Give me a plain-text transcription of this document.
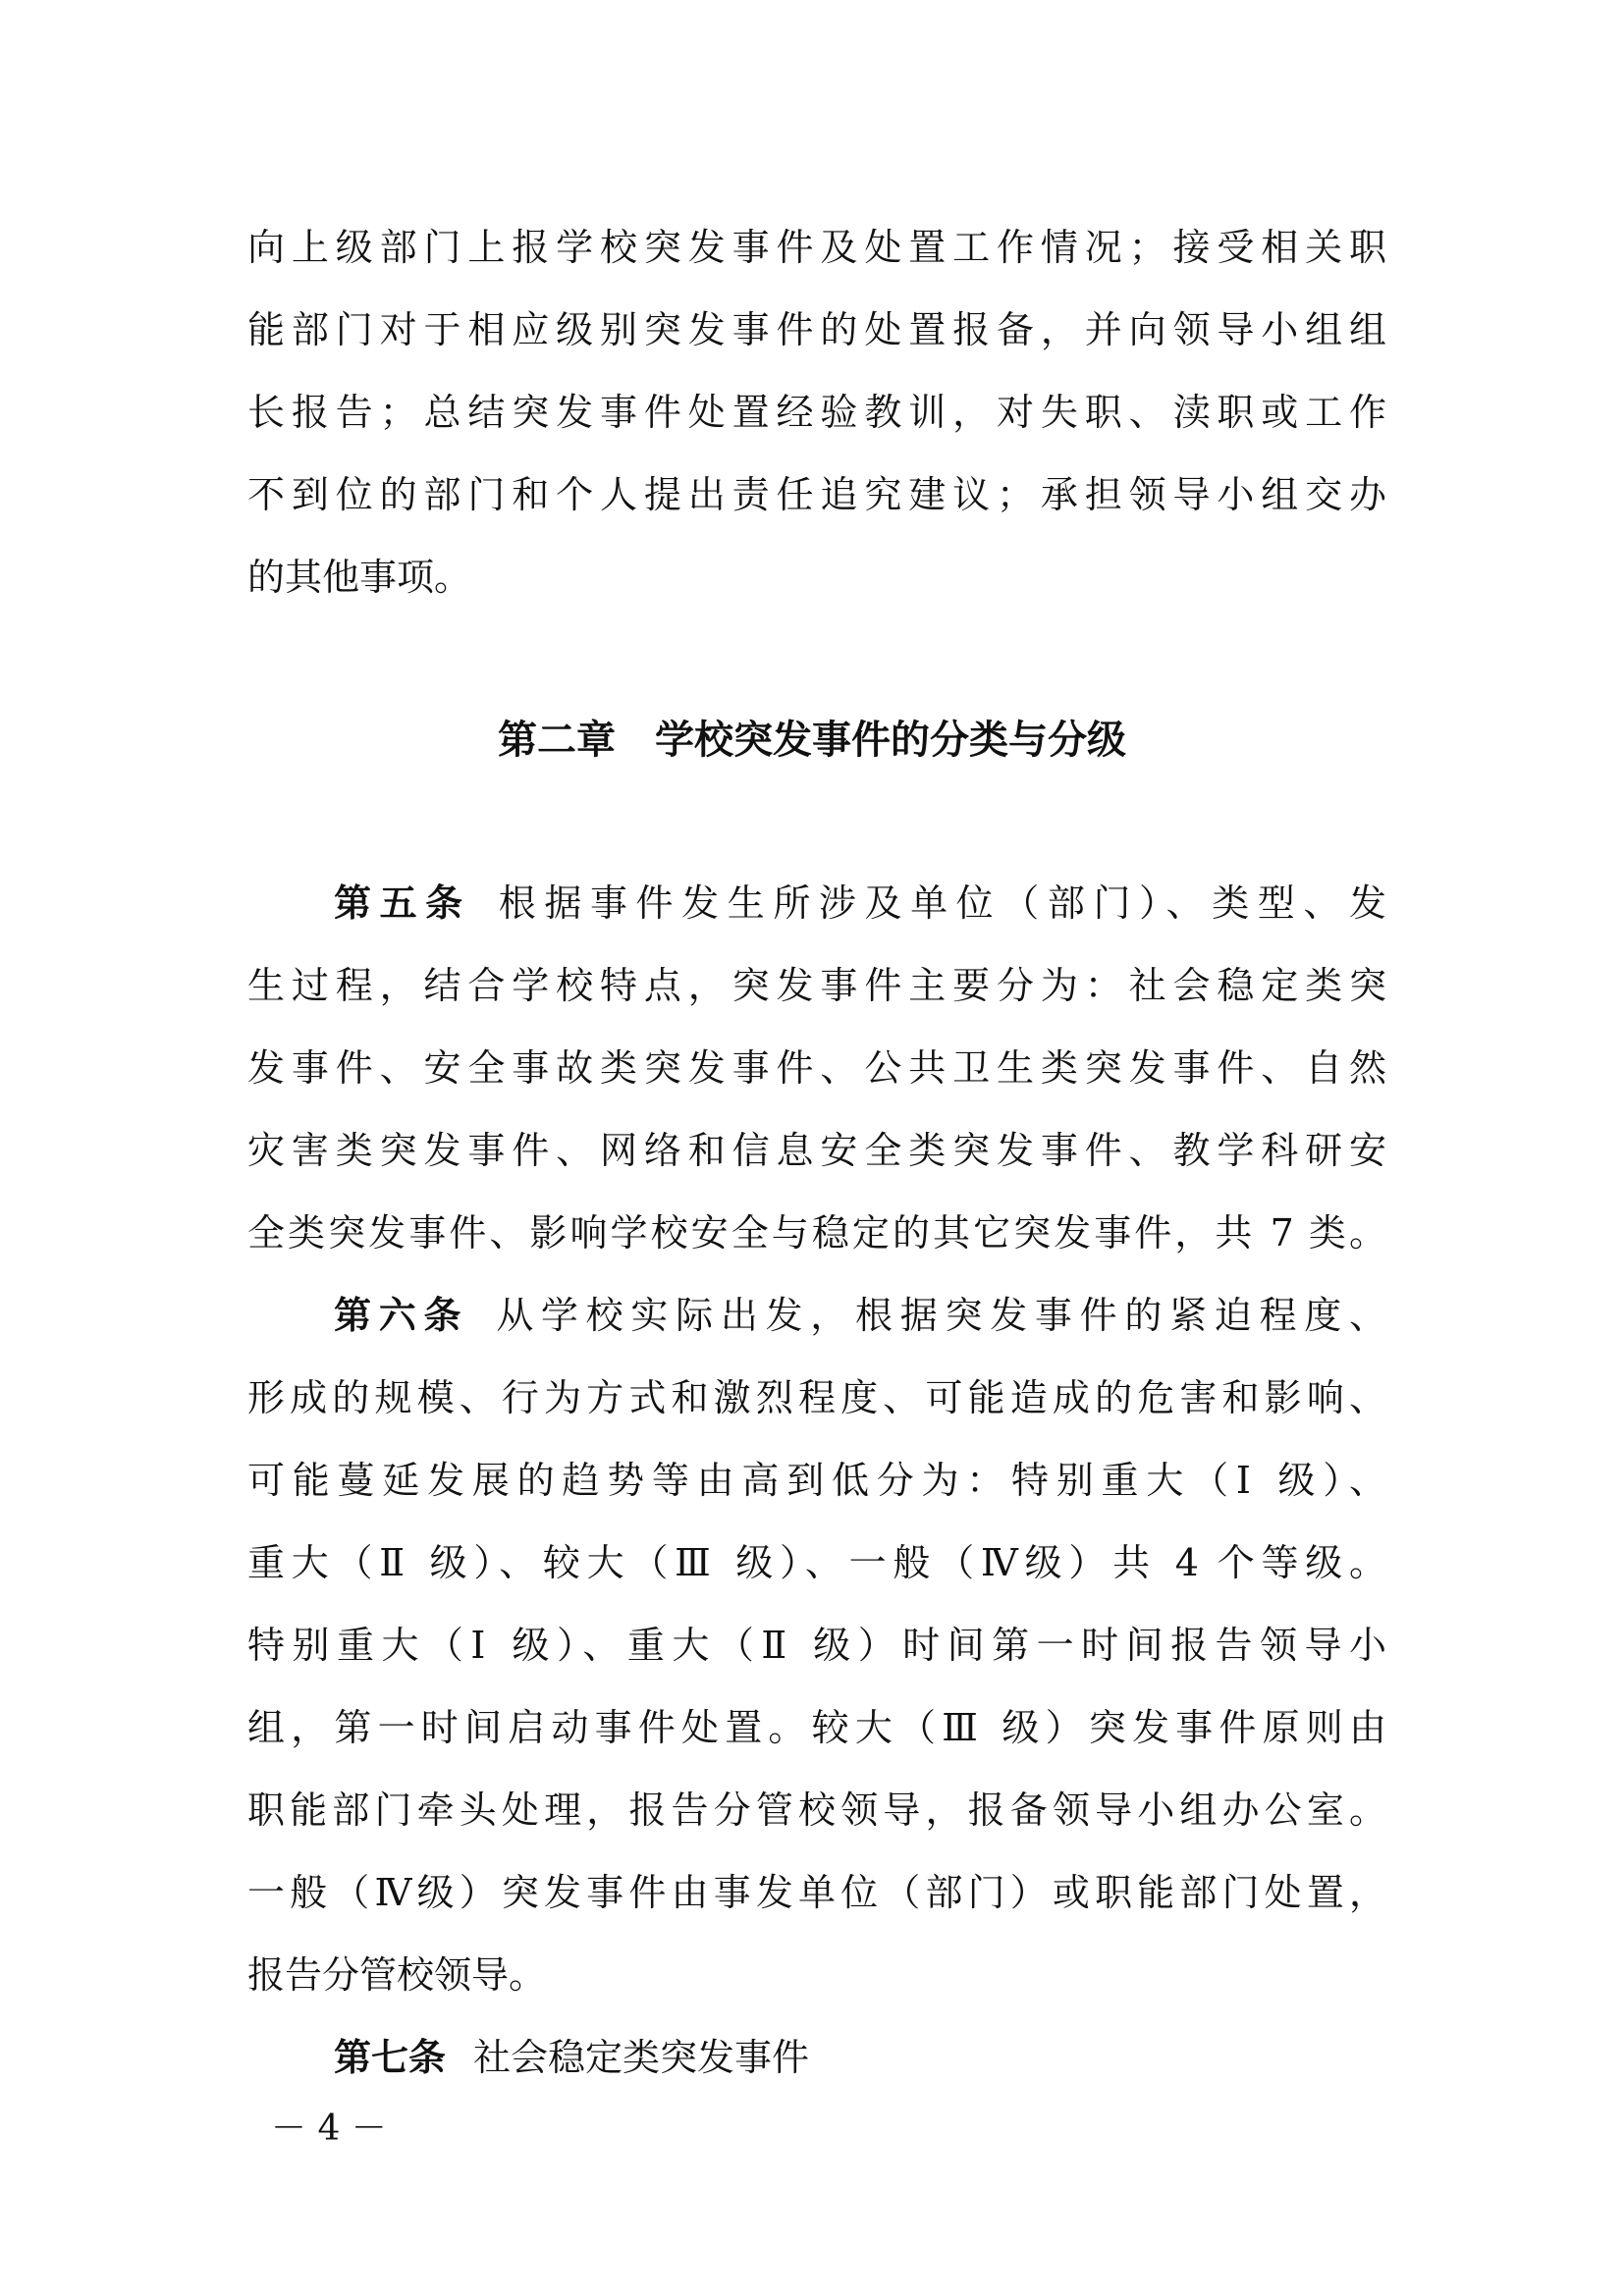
向上级部门上报学校突发事件及处置工作情况；接受相关职
能部门对于相应级别突发事件的处置报备，并向领导小组组
长报告；总结突发事件处置经验教训，对失职、渎职或工作
不到位的部门和个人提出责任追究建议；承担领导小组交办
的其他事项。
第二章　学校突发事件的分类与分级
第五条 根据事件发生所涉及单位（部门）、类型、发
生过程，结合学校特点，突发事件主要分为：社会稳定类突
发事件、安全事故类突发事件、公共卫生类突发事件、自然
灾害类突发事件、网络和信息安全类突发事件、教学科研安
全类突发事件、影响学校安全与稳定的其它突发事件，共 7 类。
第六条 从学校实际出发，根据突发事件的紧迫程度、
形成的规模、行为方式和激烈程度、可能造成的危害和影响、
可能蔓延发展的趋势等由高到低分为：特别重大（Ⅰ 级）、
重大（Ⅱ 级）、较大（Ⅲ 级）、一般（Ⅳ级）共 4 个等级。
特别重大（Ⅰ 级）、重大（Ⅱ 级）时间第一时间报告领导小
组，第一时间启动事件处置。较大（Ⅲ 级）突发事件原则由
职能部门牵头处理，报告分管校领导，报备领导小组办公室。
一般（Ⅳ级）突发事件由事发单位（部门）或职能部门处置，
报告分管校领导。
第七条 社会稳定类突发事件
－ 4 －
